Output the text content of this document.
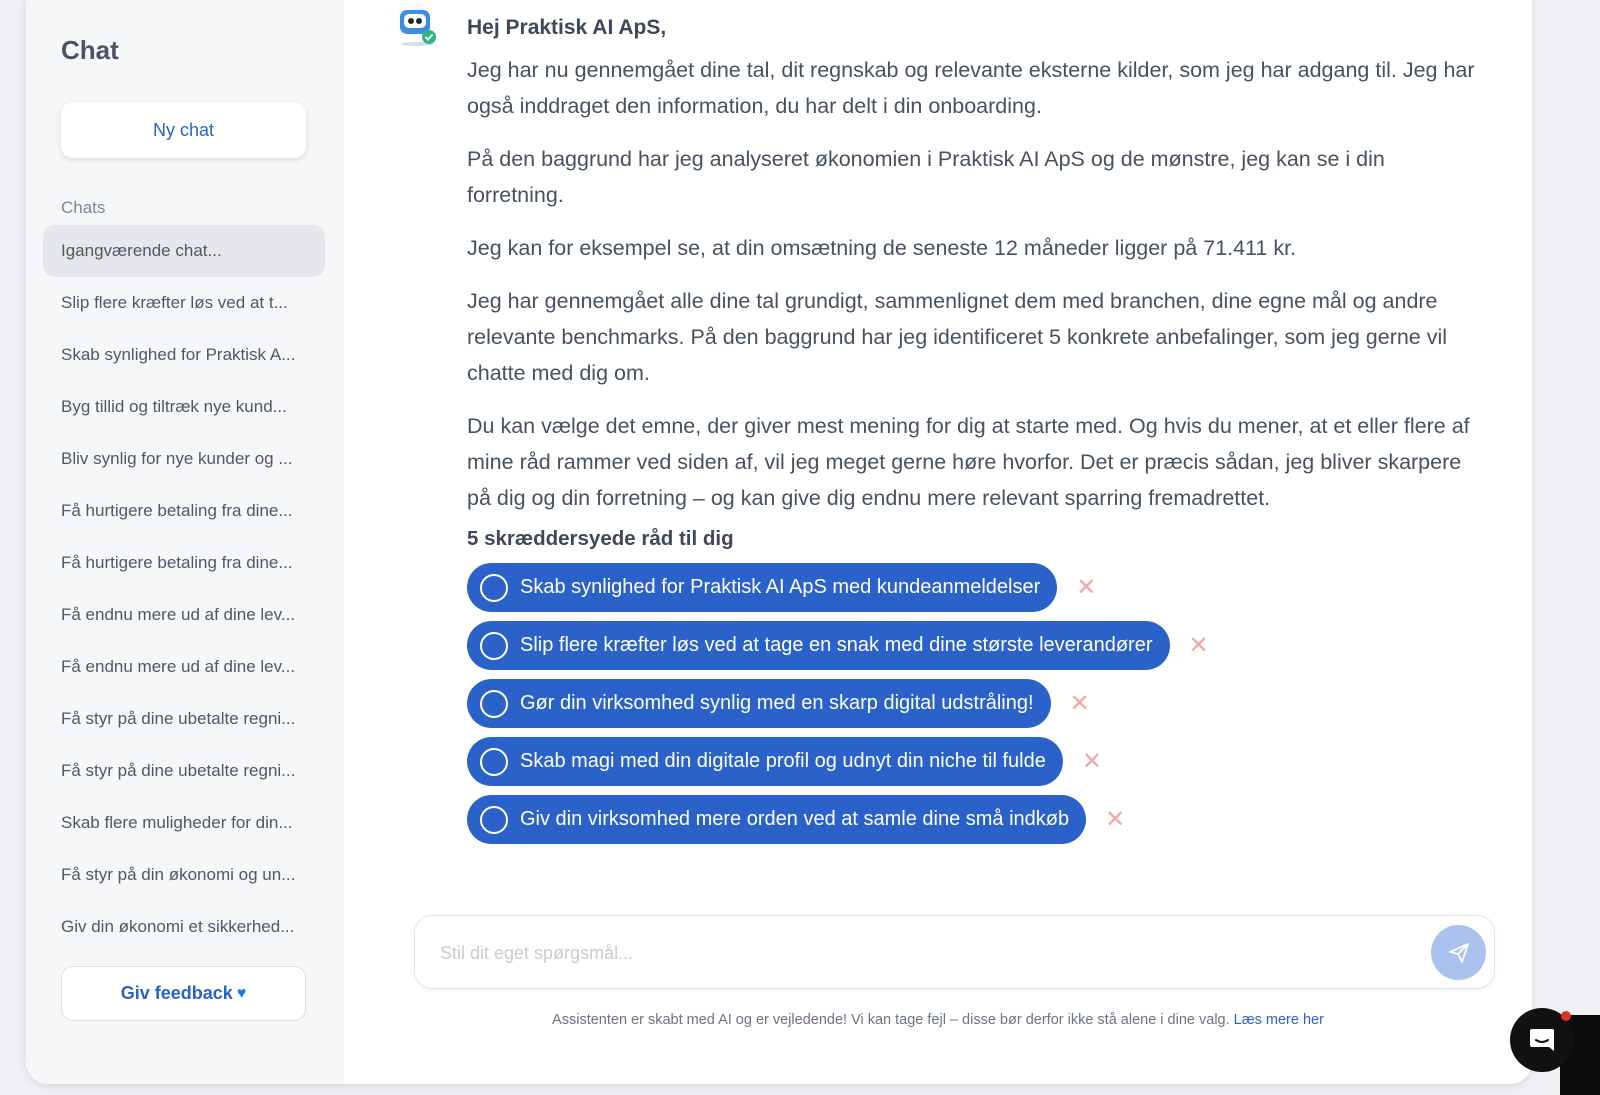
Chat
Ny chat
Chats
Igangværende chat...
Slip flere kræfter løs ved at t...
Skab synlighed for Praktisk A...
Byg tillid og tiltræk nye kund...
Bliv synlig for nye kunder og ...
Få hurtigere betaling fra dine...
Få hurtigere betaling fra dine...
Få endnu mere ud af dine lev...
Få endnu mere ud af dine lev...
Få styr på dine ubetalte regni...
Få styr på dine ubetalte regni...
Skab flere muligheder for din...
Få styr på din økonomi og un...
Giv din økonomi et sikkerhed...
Giv feedback ♥
Hej Praktisk AI ApS,

Jeg har nu gennemgået dine tal, dit regnskab og relevante eksterne kilder, som jeg har adgang til. Jeg har også inddraget den information, du har delt i din onboarding.

På den baggrund har jeg analyseret økonomien i Praktisk AI ApS og de mønstre, jeg kan se i din forretning.

Jeg kan for eksempel se, at din omsætning de seneste 12 måneder ligger på 71.411 kr.

Jeg har gennemgået alle dine tal grundigt, sammenlignet dem med branchen, dine egne mål og andre relevante benchmarks. På den baggrund har jeg identificeret 5 konkrete anbefalinger, som jeg gerne vil chatte med dig om.

Du kan vælge det emne, der giver mest mening for dig at starte med. Og hvis du mener, at et eller flere af mine råd rammer ved siden af, vil jeg meget gerne høre hvorfor. Det er præcis sådan, jeg bliver skarpere på dig og din forretning – og kan give dig endnu mere relevant sparring fremadrettet.

5 skræddersyede råd til dig
Skab synlighed for Praktisk AI ApS med kundeanmeldelser ✕
Slip flere kræfter løs ved at tage en snak med dine største leverandører ✕
Gør din virksomhed synlig med en skarp digital udstråling! ✕
Skab magi med din digitale profil og udnyt din niche til fulde ✕
Giv din virksomhed mere orden ved at samle dine små indkøb ✕
Stil dit eget spørgsmål...
Assistenten er skabt med AI og er vejledende! Vi kan tage fejl – disse bør derfor ikke stå alene i dine valg. Læs mere her
